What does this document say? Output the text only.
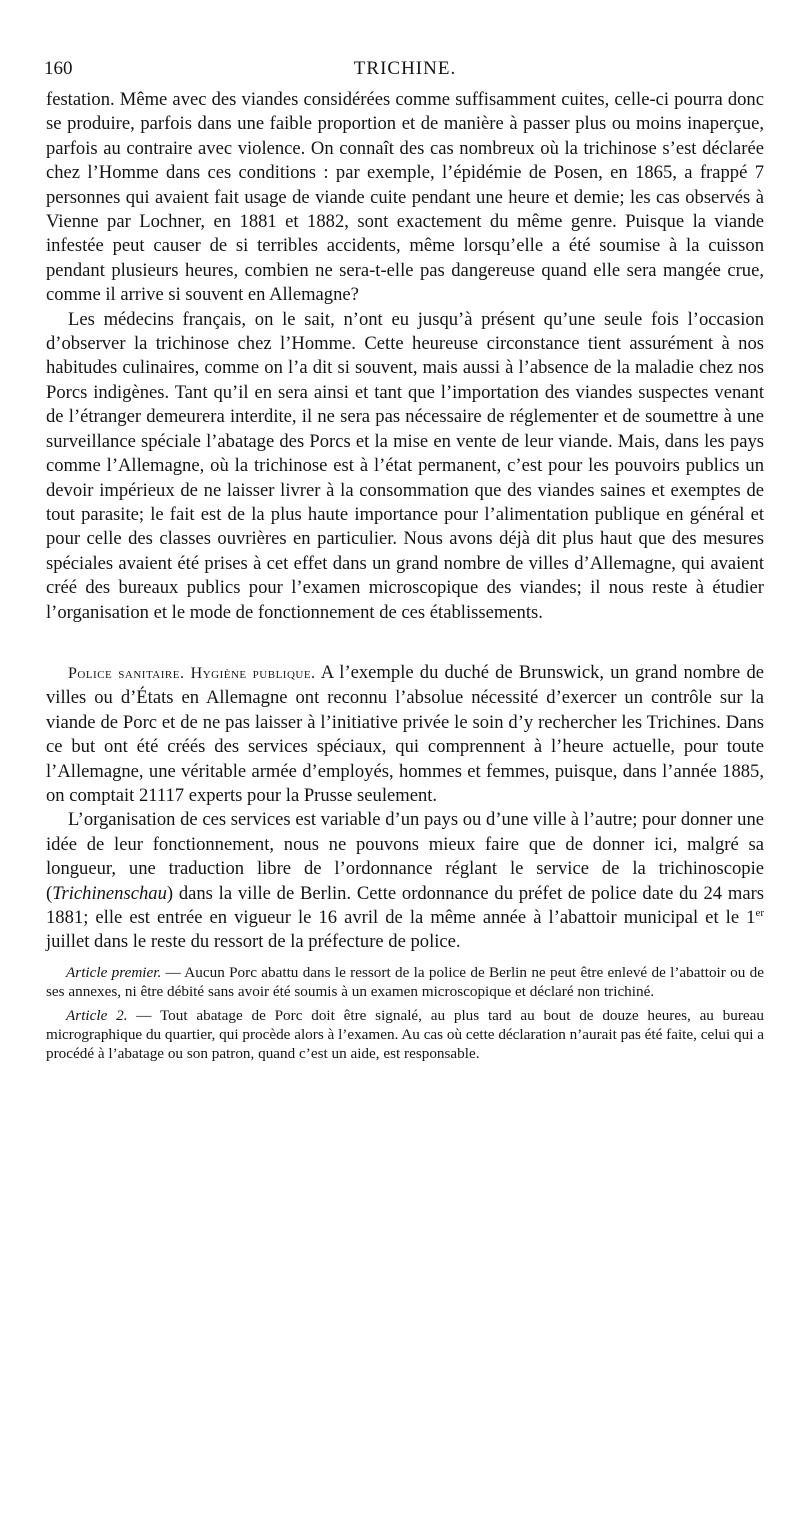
160	TRICHINE.

festation. Même avec des viandes considérées comme suffisamment cuites, celle-ci pourra donc se produire, parfois dans une faible proportion et de manière à passer plus ou moins inaperçue, parfois au contraire avec violence. On connaît des cas nombreux où la trichinose s’est déclarée chez l’Homme dans ces conditions : par exemple, l’épidémie de Posen, en 1865, a frappé 7 personnes qui avaient fait usage de viande cuite pendant une heure et demie; les cas observés à Vienne par Lochner, en 1881 et 1882, sont exactement du même genre. Puisque la viande infestée peut causer de si terribles accidents, même lorsqu’elle a été soumise à la cuisson pendant plusieurs heures, combien ne sera-t-elle pas dangereuse quand elle sera mangée crue, comme il arrive si souvent en Allemagne?

Les médecins français, on le sait, n’ont eu jusqu’à présent qu’une seule fois l’occasion d’observer la trichinose chez l’Homme. Cette heureuse circonstance tient assurément à nos habitudes culinaires, comme on l’a dit si souvent, mais aussi à l’absence de la maladie chez nos Porcs indigènes. Tant qu’il en sera ainsi et tant que l’importation des viandes suspectes venant de l’étranger demeurera interdite, il ne sera pas nécessaire de réglementer et de soumettre à une surveillance spéciale l’abatage des Porcs et la mise en vente de leur viande. Mais, dans les pays comme l’Allemagne, où la trichinose est à l’état permanent, c’est pour les pouvoirs publics un devoir impérieux de ne laisser livrer à la consommation que des viandes saines et exemptes de tout parasite; le fait est de la plus haute importance pour l’alimentation publique en général et pour celle des classes ouvrières en particulier. Nous avons déjà dit plus haut que des mesures spéciales avaient été prises à cet effet dans un grand nombre de villes d’Allemagne, qui avaient créé des bureaux publics pour l’examen microscopique des viandes; il nous reste à étudier l’organisation et le mode de fonctionnement de ces établissements.

Police sanitaire. Hygiène publique. A l’exemple du duché de Brunswick, un grand nombre de villes ou d’États en Allemagne ont reconnu l’absolue nécessité d’exercer un contrôle sur la viande de Porc et de ne pas laisser à l’initiative privée le soin d’y rechercher les Trichines. Dans ce but ont été créés des services spéciaux, qui comprennent à l’heure actuelle, pour toute l’Allemagne, une véritable armée d’employés, hommes et femmes, puisque, dans l’année 1885, on comptait 21117 experts pour la Prusse seulement.

L’organisation de ces services est variable d’un pays ou d’une ville à l’autre; pour donner une idée de leur fonctionnement, nous ne pouvons mieux faire que de donner ici, malgré sa longueur, une traduction libre de l’ordonnance réglant le service de la trichinoscopie (Trichinenschau) dans la ville de Berlin. Cette ordonnance du préfet de police date du 24 mars 1881; elle est entrée en vigueur le 16 avril de la même année à l’abattoir municipal et le 1er juillet dans le reste du ressort de la préfecture de police.

Article premier. — Aucun Porc abattu dans le ressort de la police de Berlin ne peut être enlevé de l’abattoir ou de ses annexes, ni être débité sans avoir été soumis à un examen microscopique et déclaré non trichiné.

Article 2. — Tout abatage de Porc doit être signalé, au plus tard au bout de douze heures, au bureau micrographique du quartier, qui procède alors à l’examen. Au cas où cette déclaration n’aurait pas été faite, celui qui a procédé à l’abatage ou son patron, quand c’est un aide, est responsable.
